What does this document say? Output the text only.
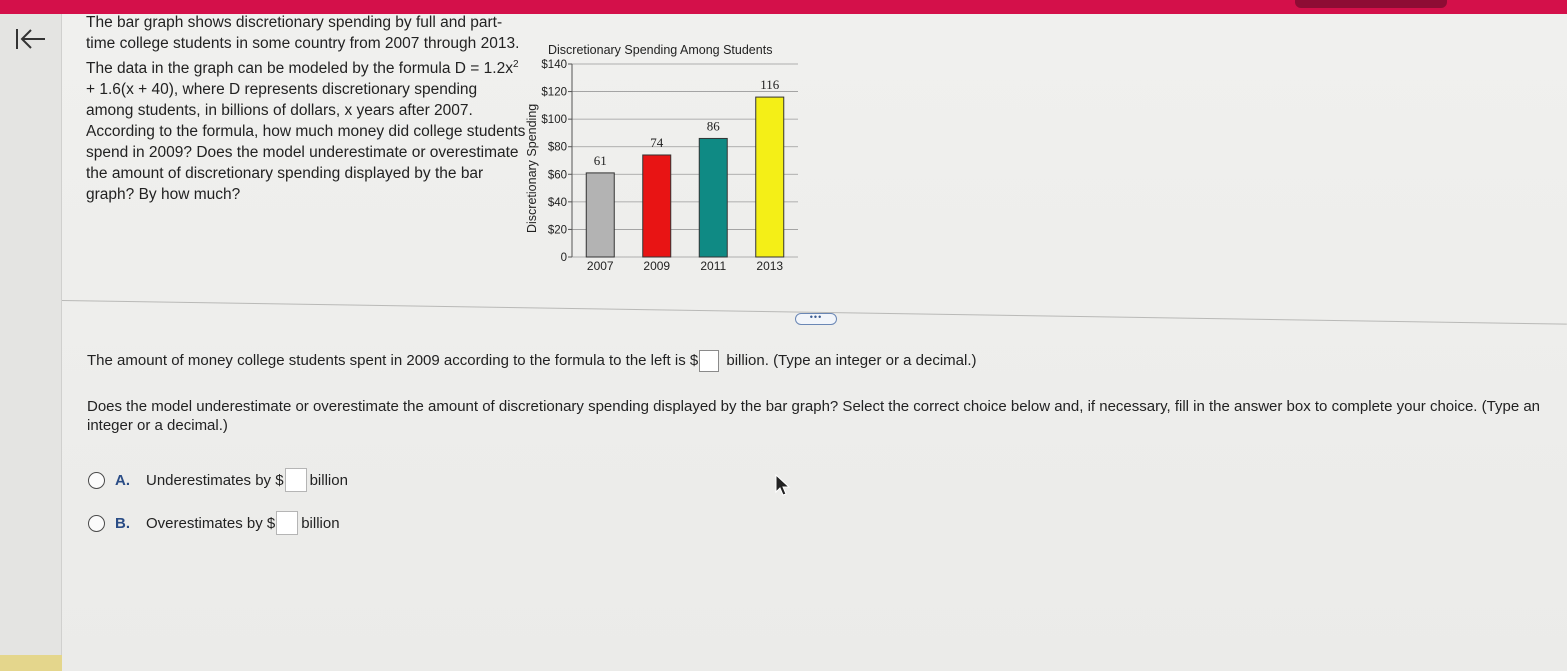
The bar graph shows discretionary spending by full and part-time college students in some country from 2007 through 2013. The data in the graph can be modeled by the formula $D = 1.2x^2 + 1.6(x + 40)$, where D represents discretionary spending among students, in billions of dollars, x years after 2007. According to the formula, how much money did college students spend in 2009? Does the model underestimate or overestimate the amount of discretionary spending displayed by the bar graph? By how much?
Discretionary Spending Among Students
Discretionary Spending
0
$20
$40
$60
$80
$100
$120
$140
2007 2009	2011	2013
61
74
86
116
•••
The amount of money college students spent in 2009 according to the formula to the left is $ billion. (Type an integer or a decimal.)
Does the model underestimate or overestimate the amount of discretionary spending displayed by the bar graph? Select the correct choice below and, if necessary, fill in the answer box to complete your choice. (Type an integer or a decimal.)
A. Underestimates by $ billion
B. Overestimates by $ billion
